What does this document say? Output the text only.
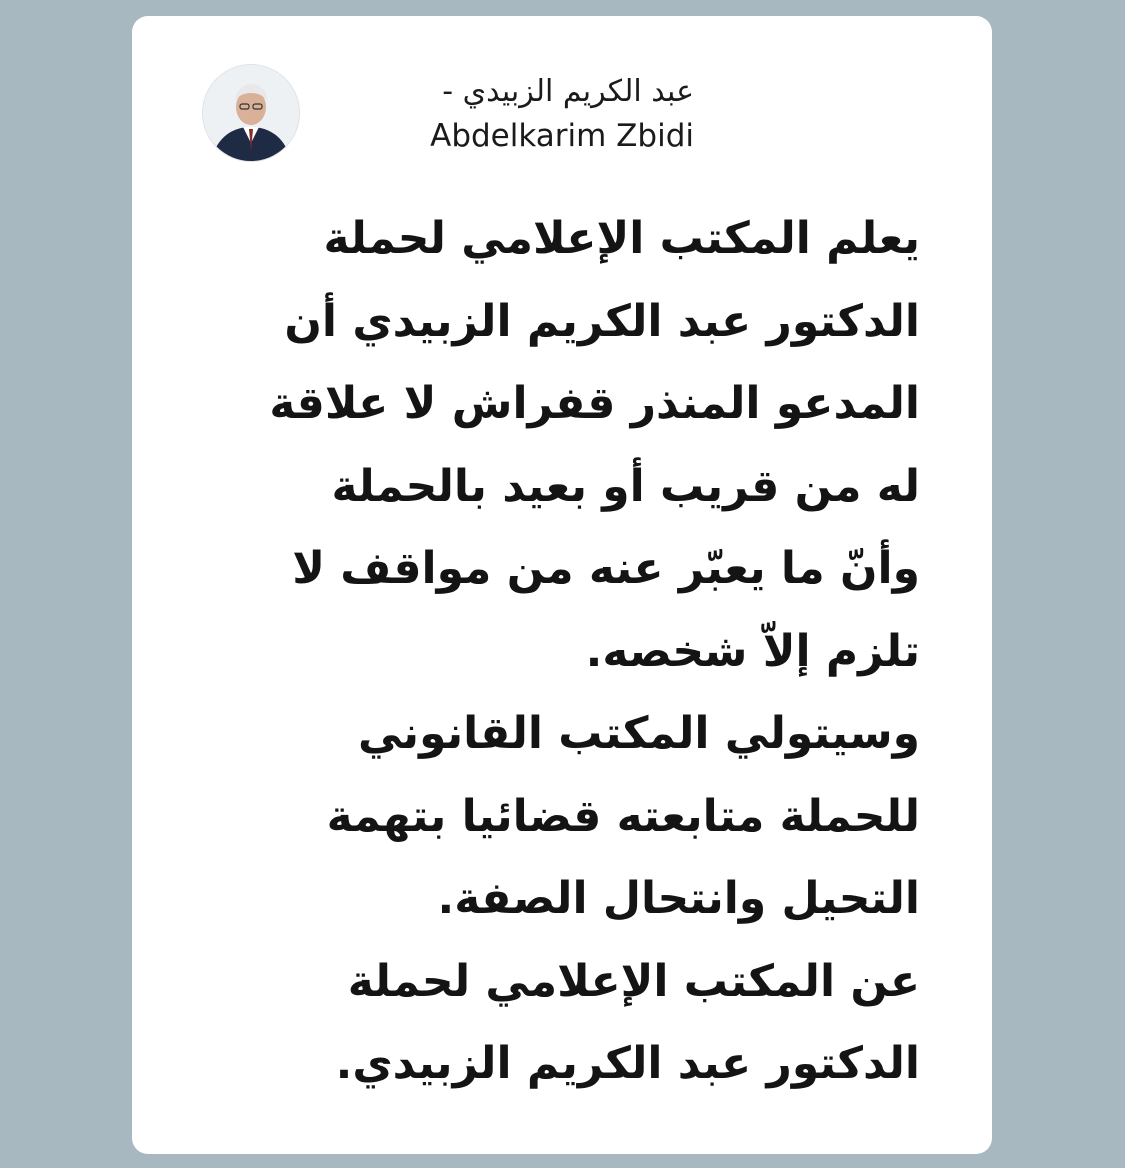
عبد الكريم الزبيدي -
Abdelkarim Zbidi
يعلم المكتب الإعلامي لحملة
الدكتور عبد الكريم الزبيدي أن
المدعو المنذر قفراش لا علاقة
له من قريب أو بعيد بالحملة
وأنّ ما يعبّر عنه من مواقف لا
تلزم إلاّ شخصه.
وسيتولي المكتب القانوني
للحملة متابعته قضائيا بتهمة
التحيل وانتحال الصفة.
عن المكتب الإعلامي لحملة
الدكتور عبد الكريم الزبيدي.
